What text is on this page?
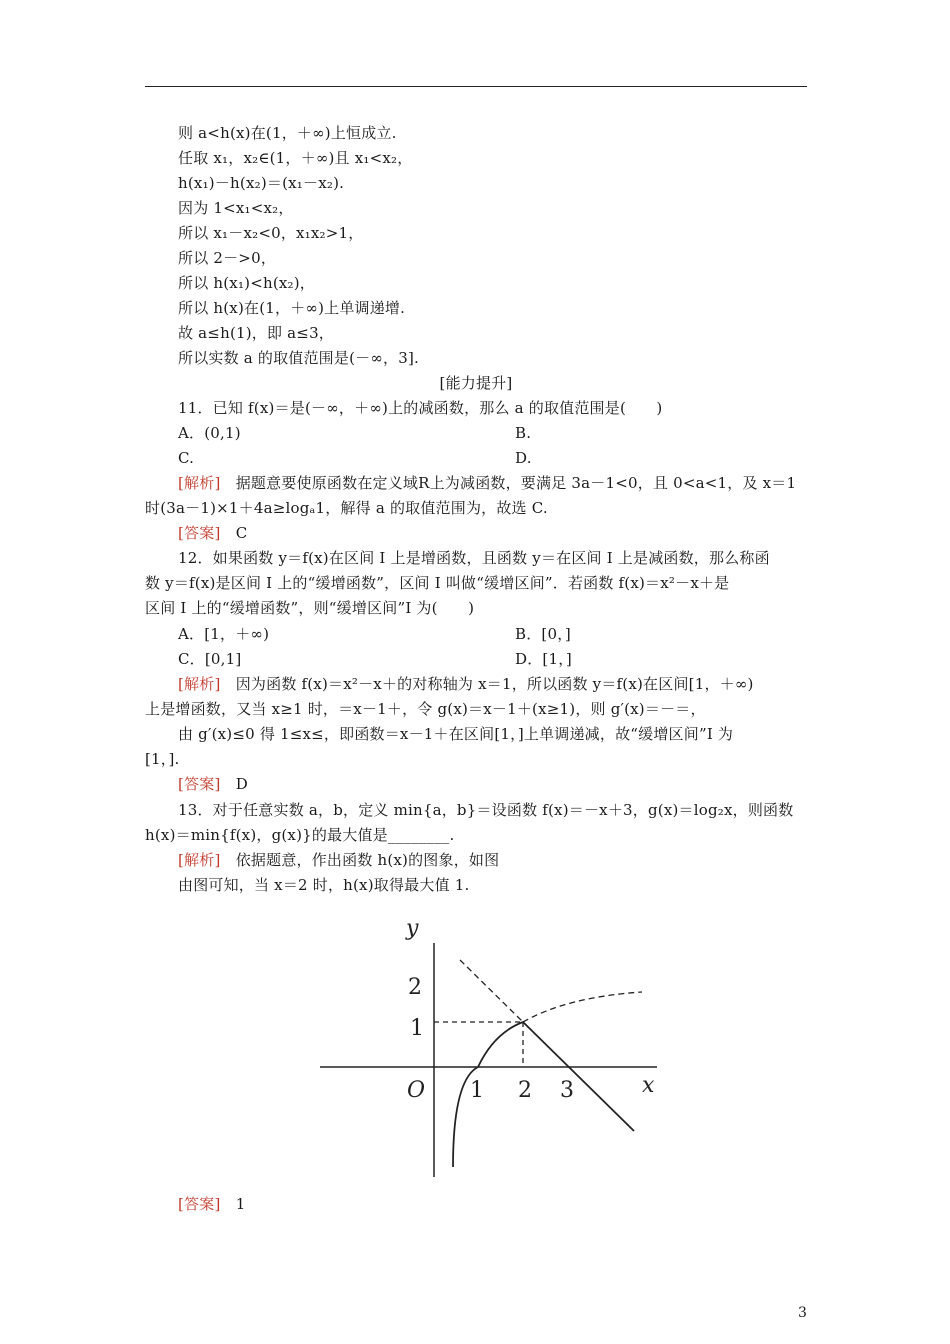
则 a<h(x)在(1，＋∞)上恒成立.
任取 x₁，x₂∈(1，＋∞)且 x₁<x₂，
h(x₁)－h(x₂)＝(x₁－x₂).
因为 1<x₁<x₂，
所以 x₁－x₂<0，x₁x₂>1，
所以 2－>0，
所以 h(x₁)<h(x₂)，
所以 h(x)在(1，＋∞)上单调递增.
故 a≤h(1)，即 a≤3，
所以实数 a 的取值范围是(－∞，3].
[能力提升]
11．已知 f(x)＝是(－∞，＋∞)上的减函数，那么 a 的取值范围是(　　)
A．(0,1)	B.
C.	D.
[解析]　据题意要使原函数在定义域R上为减函数，要满足 3a－1<0，且 0<a<1，及 x＝1
时(3a－1)×1＋4a≥logₐ1，解得 a 的取值范围为，故选 C.
[答案]　C
12．如果函数 y＝f(x)在区间 I 上是增函数，且函数 y＝在区间 I 上是减函数，那么称函
数 y＝f(x)是区间 I 上的“缓增函数”，区间 I 叫做“缓增区间”．若函数 f(x)＝x²－x＋是
区间 I 上的“缓增函数”，则“缓增区间”I 为(　　)
A．[1，＋∞)	B．[0，]
C．[0,1]	D．[1，]
[解析]　因为函数 f(x)＝x²－x＋的对称轴为 x＝1，所以函数 y＝f(x)在区间[1，＋∞)
上是增函数，又当 x≥1 时，＝x－1＋，令 g(x)＝x－1＋(x≥1)，则 g′(x)＝－＝，
由 g′(x)≤0 得 1≤x≤，即函数＝x－1＋在区间[1，]上单调递减，故“缓增区间”I 为
[1，].
[答案]　D
13．对于任意实数 a，b，定义 min{a，b}＝设函数 f(x)＝－x＋3，g(x)＝log₂x，则函数
h(x)＝min{f(x)，g(x)}的最大值是________.
[解析]　依据题意，作出函数 h(x)的图象，如图
由图可知，当 x＝2 时，h(x)取得最大值 1.
y
2
1
O 1 2 3	x
[答案]　1
3
